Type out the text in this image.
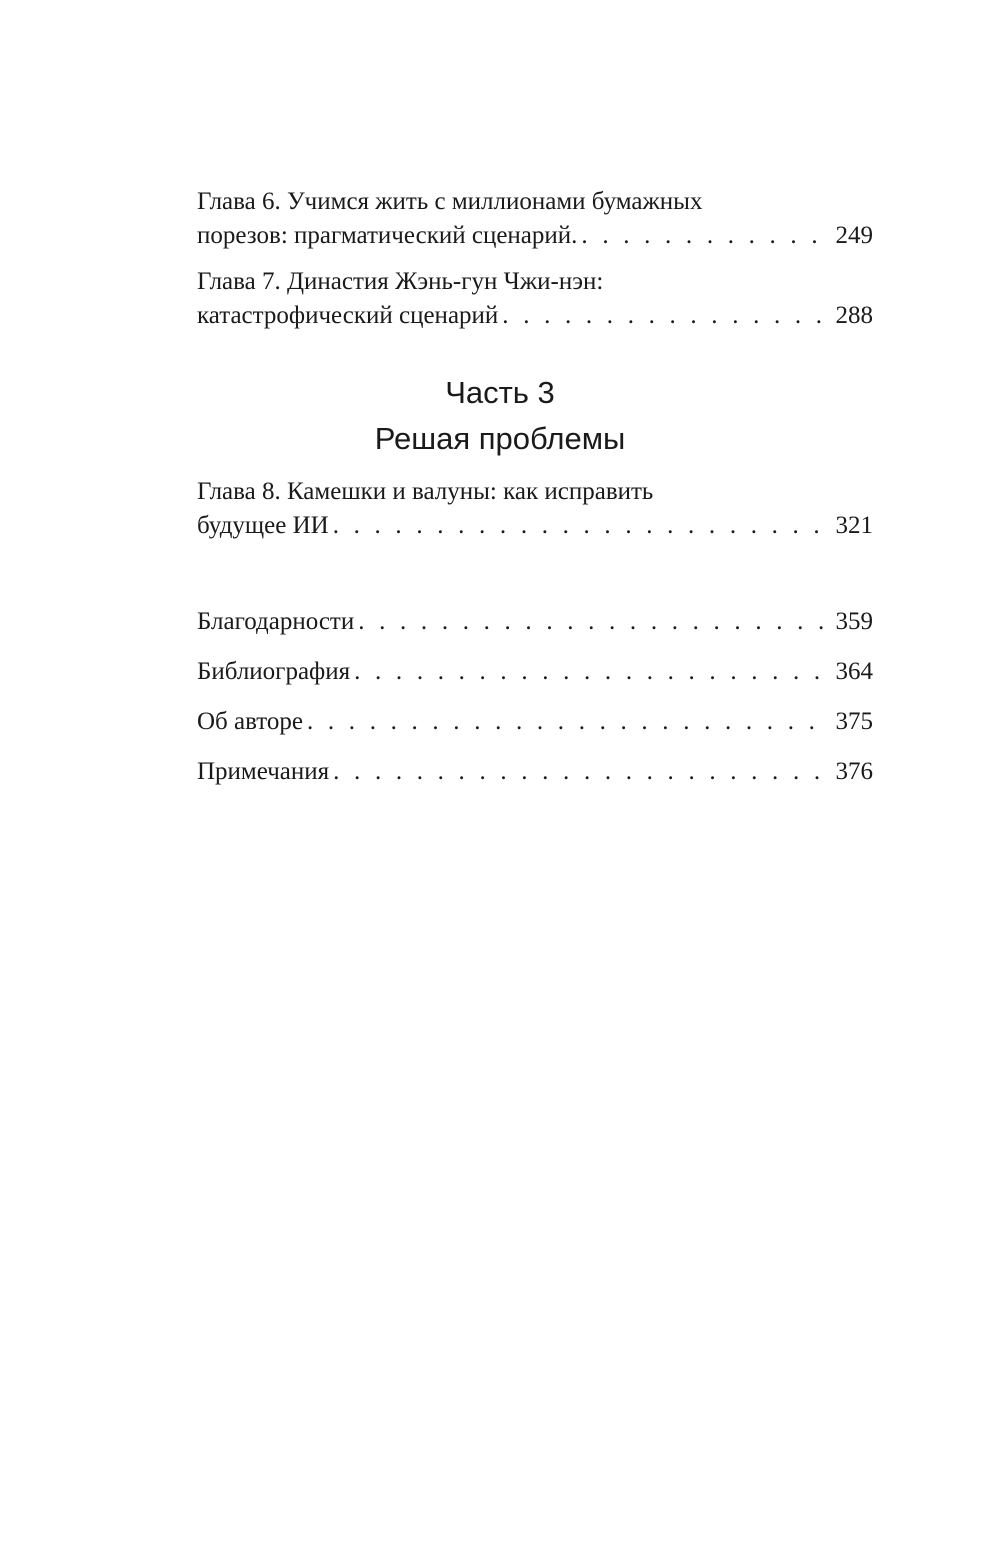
Глава 6. Учимся жить с миллионами бумажных
порезов: прагматический сценарий. . . .	249
Глава 7. Династия Жэнь-гун Чжи-нэн:
катастрофический сценарий . . .	288
Часть 3
Решая проблемы
Глава 8. Камешки и валуны: как исправить
будущее ИИ . . .	321
Благодарности . . .	359
Библиография . . .	364
Об авторе . . .	375
Примечания . . .	376
